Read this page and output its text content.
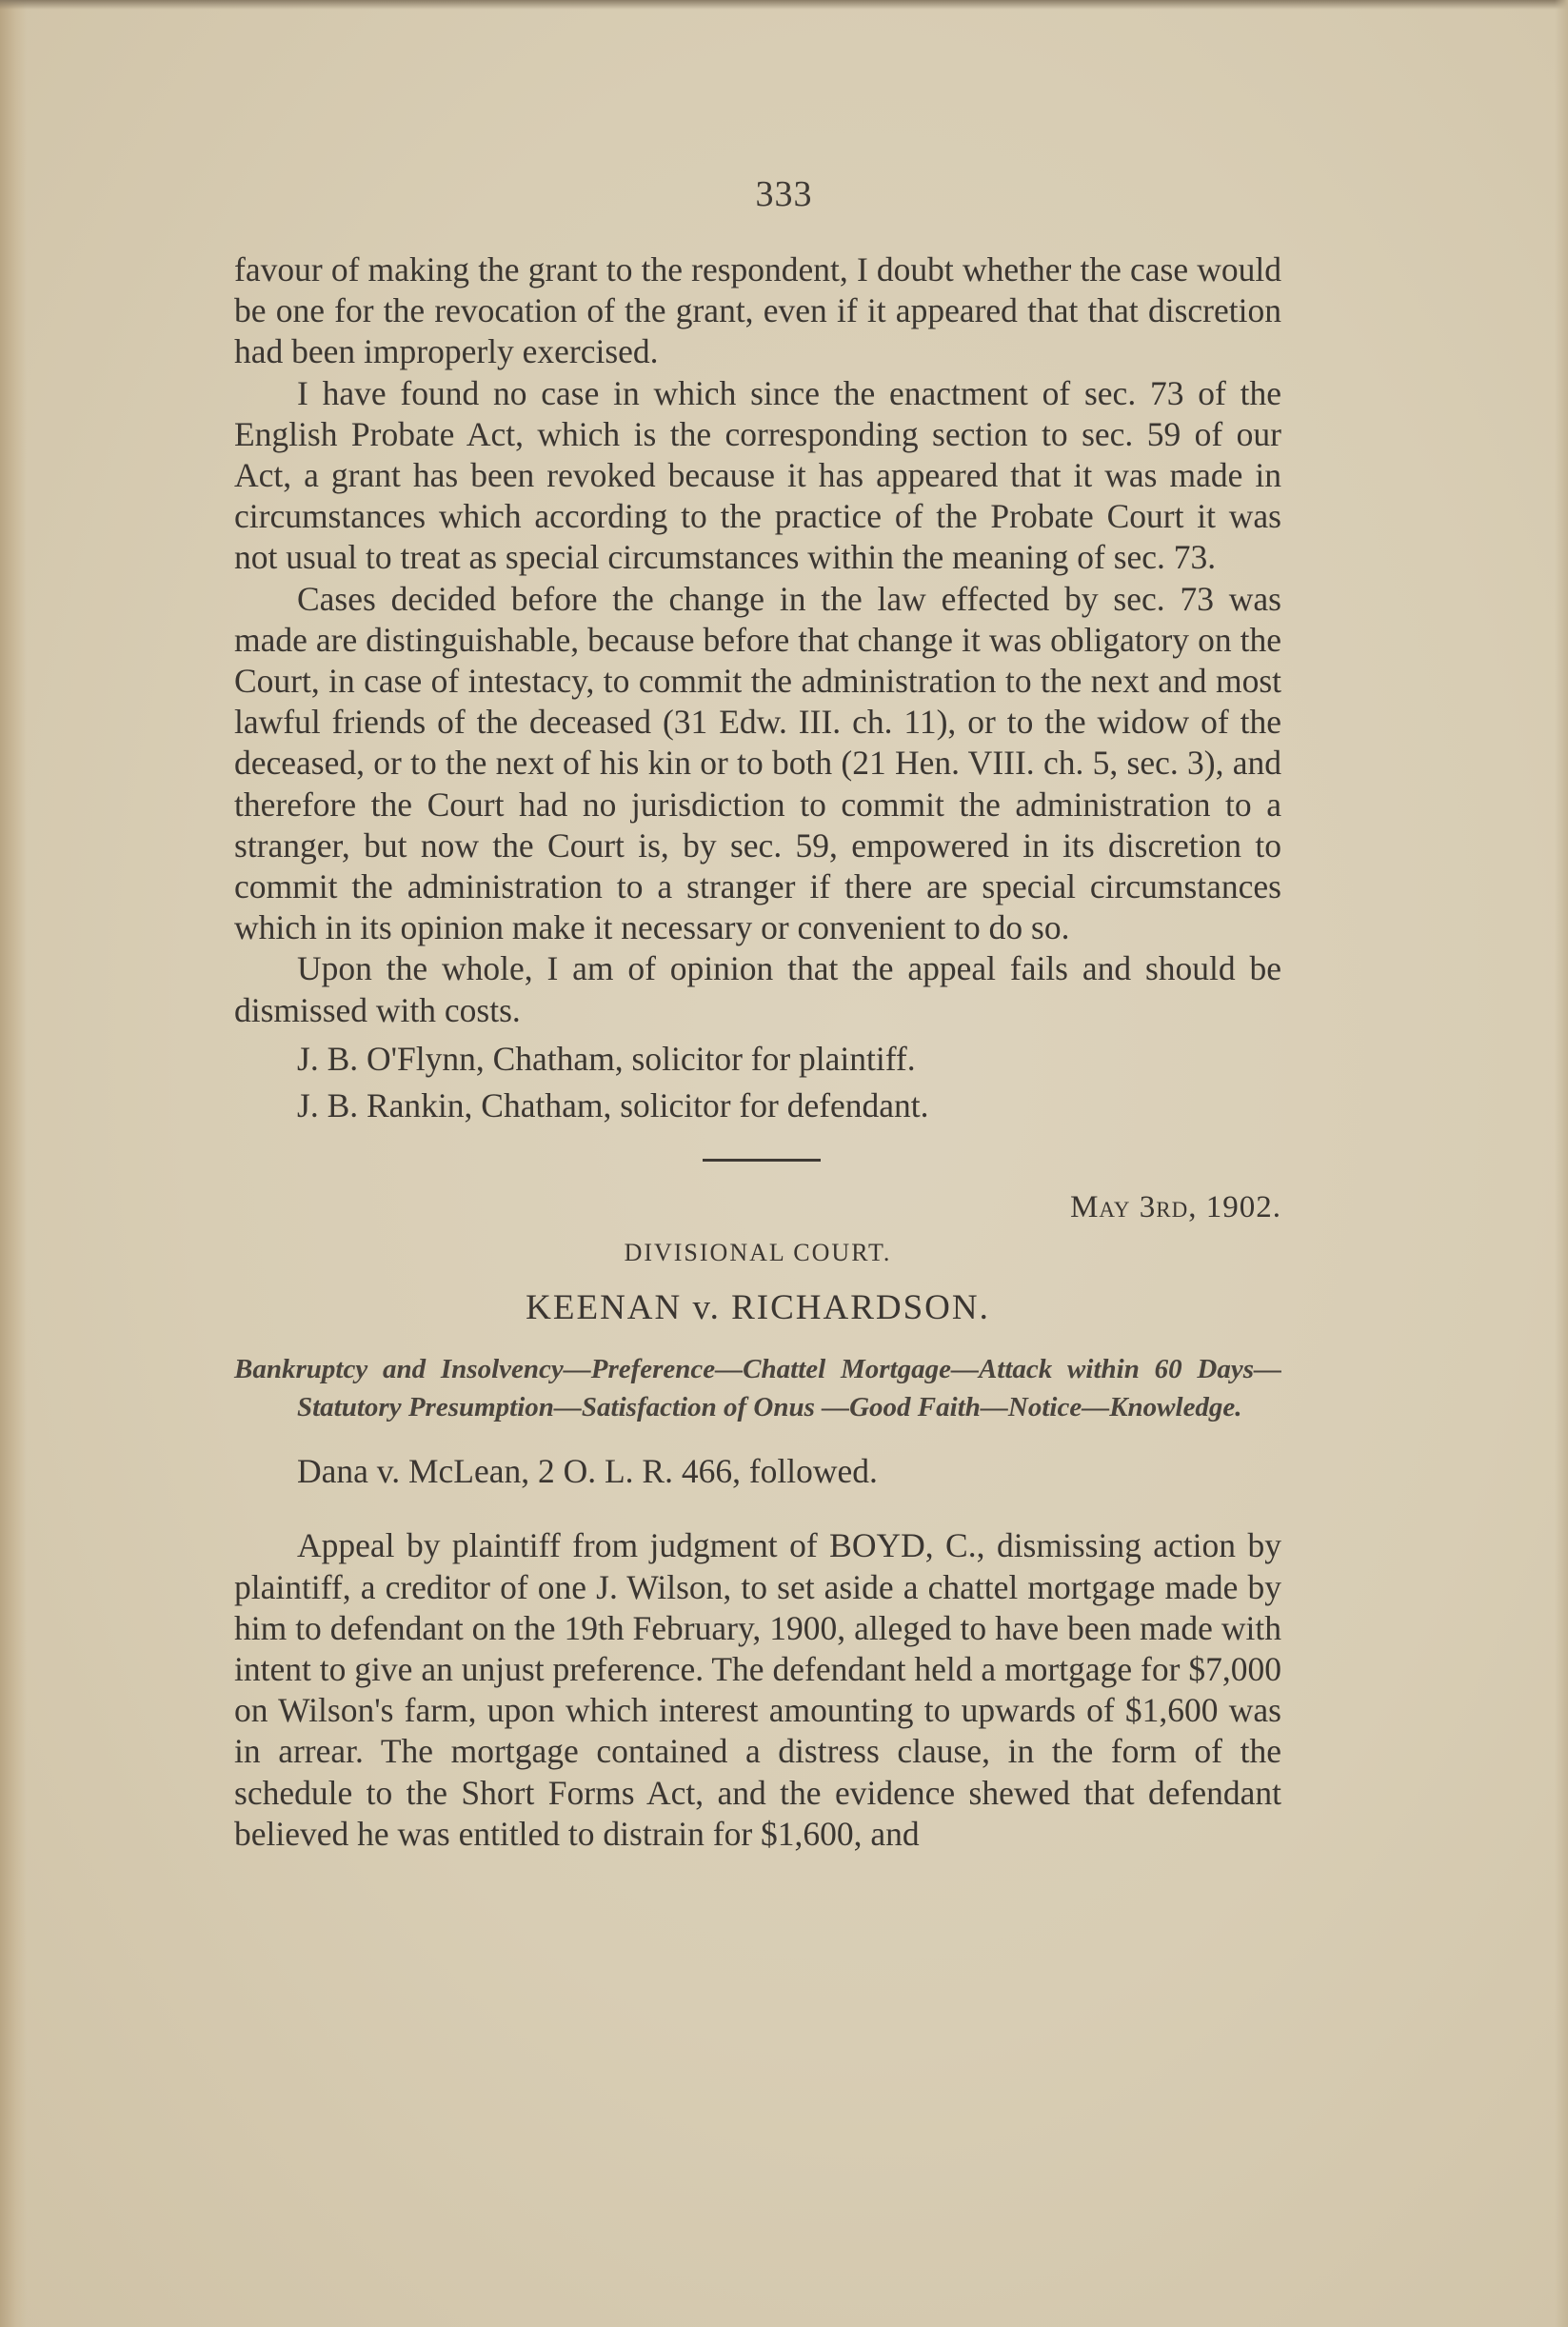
333

favour of making the grant to the respondent, I doubt whether the case would be one for the revocation of the grant, even if it appeared that that discretion had been improperly exercised.

I have found no case in which since the enactment of sec. 73 of the English Probate Act, which is the corresponding section to sec. 59 of our Act, a grant has been revoked because it has appeared that it was made in circumstances which according to the practice of the Probate Court it was not usual to treat as special circumstances within the meaning of sec. 73.

Cases decided before the change in the law effected by sec. 73 was made are distinguishable, because before that change it was obligatory on the Court, in case of intestacy, to commit the administration to the next and most lawful friends of the deceased (31 Edw. III. ch. 11), or to the widow of the deceased, or to the next of his kin or to both (21 Hen. VIII. ch. 5, sec. 3), and therefore the Court had no jurisdiction to commit the administration to a stranger, but now the Court is, by sec. 59, empowered in its discretion to commit the administration to a stranger if there are special circumstances which in its opinion make it necessary or convenient to do so.

Upon the whole, I am of opinion that the appeal fails and should be dismissed with costs.

J. B. O'Flynn, Chatham, solicitor for plaintiff.

J. B. Rankin, Chatham, solicitor for defendant.

May 3rd, 1902.
DIVISIONAL COURT.
KEENAN v. RICHARDSON.
Bankruptcy and Insolvency—Preference—Chattel Mortgage—Attack within 60 Days—Statutory Presumption—Satisfaction of Onus —Good Faith—Notice—Knowledge.

Dana v. McLean, 2 O. L. R. 466, followed.

Appeal by plaintiff from judgment of BOYD, C., dismissing action by plaintiff, a creditor of one J. Wilson, to set aside a chattel mortgage made by him to defendant on the 19th February, 1900, alleged to have been made with intent to give an unjust preference. The defendant held a mortgage for $7,000 on Wilson's farm, upon which interest amounting to upwards of $1,600 was in arrear. The mortgage contained a distress clause, in the form of the schedule to the Short Forms Act, and the evidence shewed that defendant believed he was entitled to distrain for $1,600, and
